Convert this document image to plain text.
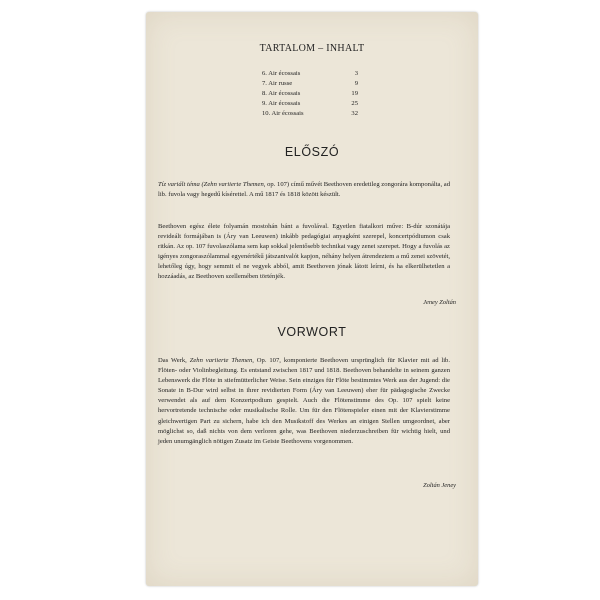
TARTALOM – INHALT
6. Air écossais	3
7. Air russe	9
8. Air écossais	19
9. Air écossais	25
10. Air écossais	32
ELŐSZÓ
Tíz variált téma (Zehn variierte Themen, op. 107) című művét Beethoven eredetileg zongorára komponálta, ad lib. fuvola vagy hegedű kísérettel. A mű 1817 és 1818 között készült.
Beethoven egész élete folyamán mostohán bánt a fuvolával. Egyetlen fiatalkori műve: B-dúr szonátája revideált formájában is (Áry van Leeuwen) inkább pedagógiai anyagként szerepel, koncertpódiumon csak ritkán. Az op. 107 fuvolaszólama sem kap sokkal jelentősebb technikai vagy zenei szerepet. Hogy a fuvolás az igényes zongoraszólammal egyenértékű játszanivalót kapjon, néhány helyen átrendeztem a mű zenei szövetét, lehetőleg úgy, hogy semmit el ne vegyek abból, amit Beethoven jónak látott leírni, és ha elkerülhetetlen a hozzáadás, az Beethoven szellemében történjék.
Jeney Zoltán
VORWORT
Das Werk, Zehn variierte Themen, Op. 107, komponierte Beethoven ursprünglich für Klavier mit ad lib. Flöten- oder Violinbegleitung. Es entstand zwischen 1817 und 1818. Beethoven behandelte in seinem ganzen Lebenswerk die Flöte in stiefmütterlicher Weise. Sein einziges für Flöte bestimmtes Werk aus der Jugend: die Sonate in B-Dur wird selbst in ihrer revidierten Form (Áry van Leeuwen) eher für pädagogische Zwecke verwendet als auf dem Konzertpodium gespielt. Auch die Flötenstimme des Op. 107 spielt keine hervortretende technische oder musikalische Rolle. Um für den Flötenspieler einen mit der Klavierstimme gleichwertigen Part zu sichern, habe ich den Musikstoff des Werkes an einigen Stellen umgeordnet, aber möglichst so, daß nichts von dem verloren gehe, was Beethoven niederzuschreiben für wichtig hielt, und jeden unumgänglich nötigen Zusatz im Geiste Beethovens vorgenommen.
Zoltán Jeney
